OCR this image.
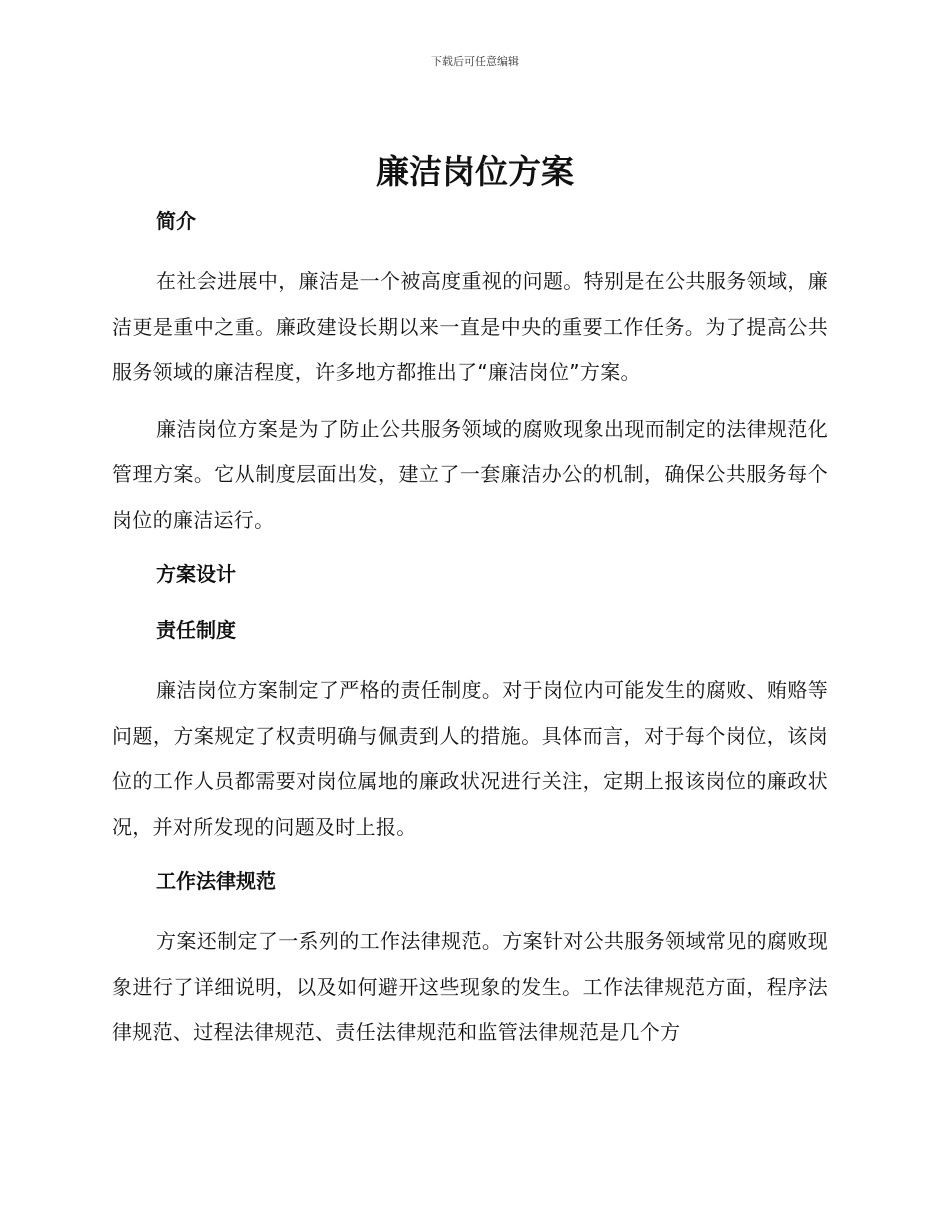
下载后可任意编辑
廉洁岗位方案
简介

在社会进展中，廉洁是一个被高度重视的问题。特别是在公共服务领域，廉洁更是重中之重。廉政建设长期以来一直是中央的重要工作任务。为了提高公共服务领域的廉洁程度，许多地方都推出了“廉洁岗位”方案。

廉洁岗位方案是为了防止公共服务领域的腐败现象出现而制定的法律规范化管理方案。它从制度层面出发，建立了一套廉洁办公的机制，确保公共服务每个岗位的廉洁运行。

方案设计
责任制度

廉洁岗位方案制定了严格的责任制度。对于岗位内可能发生的腐败、贿赂等问题，方案规定了权责明确与佩责到人的措施。具体而言，对于每个岗位，该岗位的工作人员都需要对岗位属地的廉政状况进行关注，定期上报该岗位的廉政状况，并对所发现的问题及时上报。

工作法律规范

方案还制定了一系列的工作法律规范。方案针对公共服务领域常见的腐败现象进行了详细说明，以及如何避开这些现象的发生。工作法律规范方面，程序法律规范、过程法律规范、责任法律规范和监管法律规范是几个方
